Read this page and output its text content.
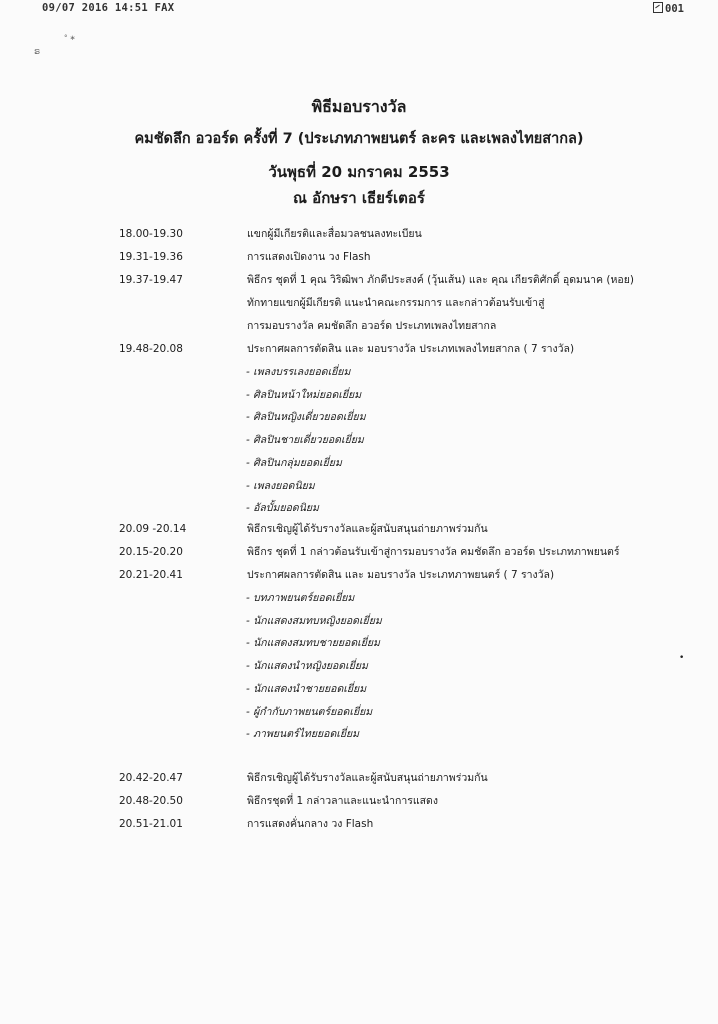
09/07 2016 14:51 FAX	001
ຣ
° ∗
•
พิธีมอบรางวัล
คมชัดลึก อวอร์ด ครั้งที่ 7 (ประเภทภาพยนตร์ ละคร และเพลงไทยสากล)
วันพุธที่ 20 มกราคม 2553
ณ อักษรา เธียร์เตอร์
18.00-19.30	แขกผู้มีเกียรติและสื่อมวลชนลงทะเบียน
19.31-19.36	การแสดงเปิดงาน วง Flash
19.37-19.47	พิธีกร ชุดที่ 1 คุณ วิริฒิพา ภักดีประสงค์ (วุ้นเส้น) และ คุณ เกียรติศักดิ์ อุดมนาค (หอย)
ทักทายแขกผู้มีเกียรติ แนะนำคณะกรรมการ และกล่าวต้อนรับเข้าสู่
การมอบรางวัล คมชัดลึก อวอร์ด ประเภทเพลงไทยสากล
19.48-20.08	ประกาศผลการตัดสิน และ มอบรางวัล ประเภทเพลงไทยสากล ( 7 รางวัล)
- เพลงบรรเลงยอดเยี่ยม
- ศิลปินหน้าใหม่ยอดเยี่ยม
- ศิลปินหญิงเดี่ยวยอดเยี่ยม
- ศิลปินชายเดี่ยวยอดเยี่ยม
- ศิลปินกลุ่มยอดเยี่ยม
- เพลงยอดนิยม
- อัลบั้มยอดนิยม
20.09 -20.14	พิธีกรเชิญผู้ได้รับรางวัลและผู้สนับสนุนถ่ายภาพร่วมกัน
20.15-20.20	พิธีกร ชุดที่ 1 กล่าวต้อนรับเข้าสู่การมอบรางวัล คมชัดลึก อวอร์ด ประเภทภาพยนตร์
20.21-20.41	ประกาศผลการตัดสิน และ มอบรางวัล ประเภทภาพยนตร์ ( 7 รางวัล)
- บทภาพยนตร์ยอดเยี่ยม
- นักแสดงสมทบหญิงยอดเยี่ยม
- นักแสดงสมทบชายยอดเยี่ยม
- นักแสดงนำหญิงยอดเยี่ยม
- นักแสดงนำชายยอดเยี่ยม
- ผู้กำกับภาพยนตร์ยอดเยี่ยม
- ภาพยนตร์ไทยยอดเยี่ยม
20.42-20.47	พิธีกรเชิญผู้ได้รับรางวัลและผู้สนับสนุนถ่ายภาพร่วมกัน
20.48-20.50	พิธีกรชุดที่ 1 กล่าวลาและแนะนำการแสดง
20.51-21.01	การแสดงคั่นกลาง วง Flash
